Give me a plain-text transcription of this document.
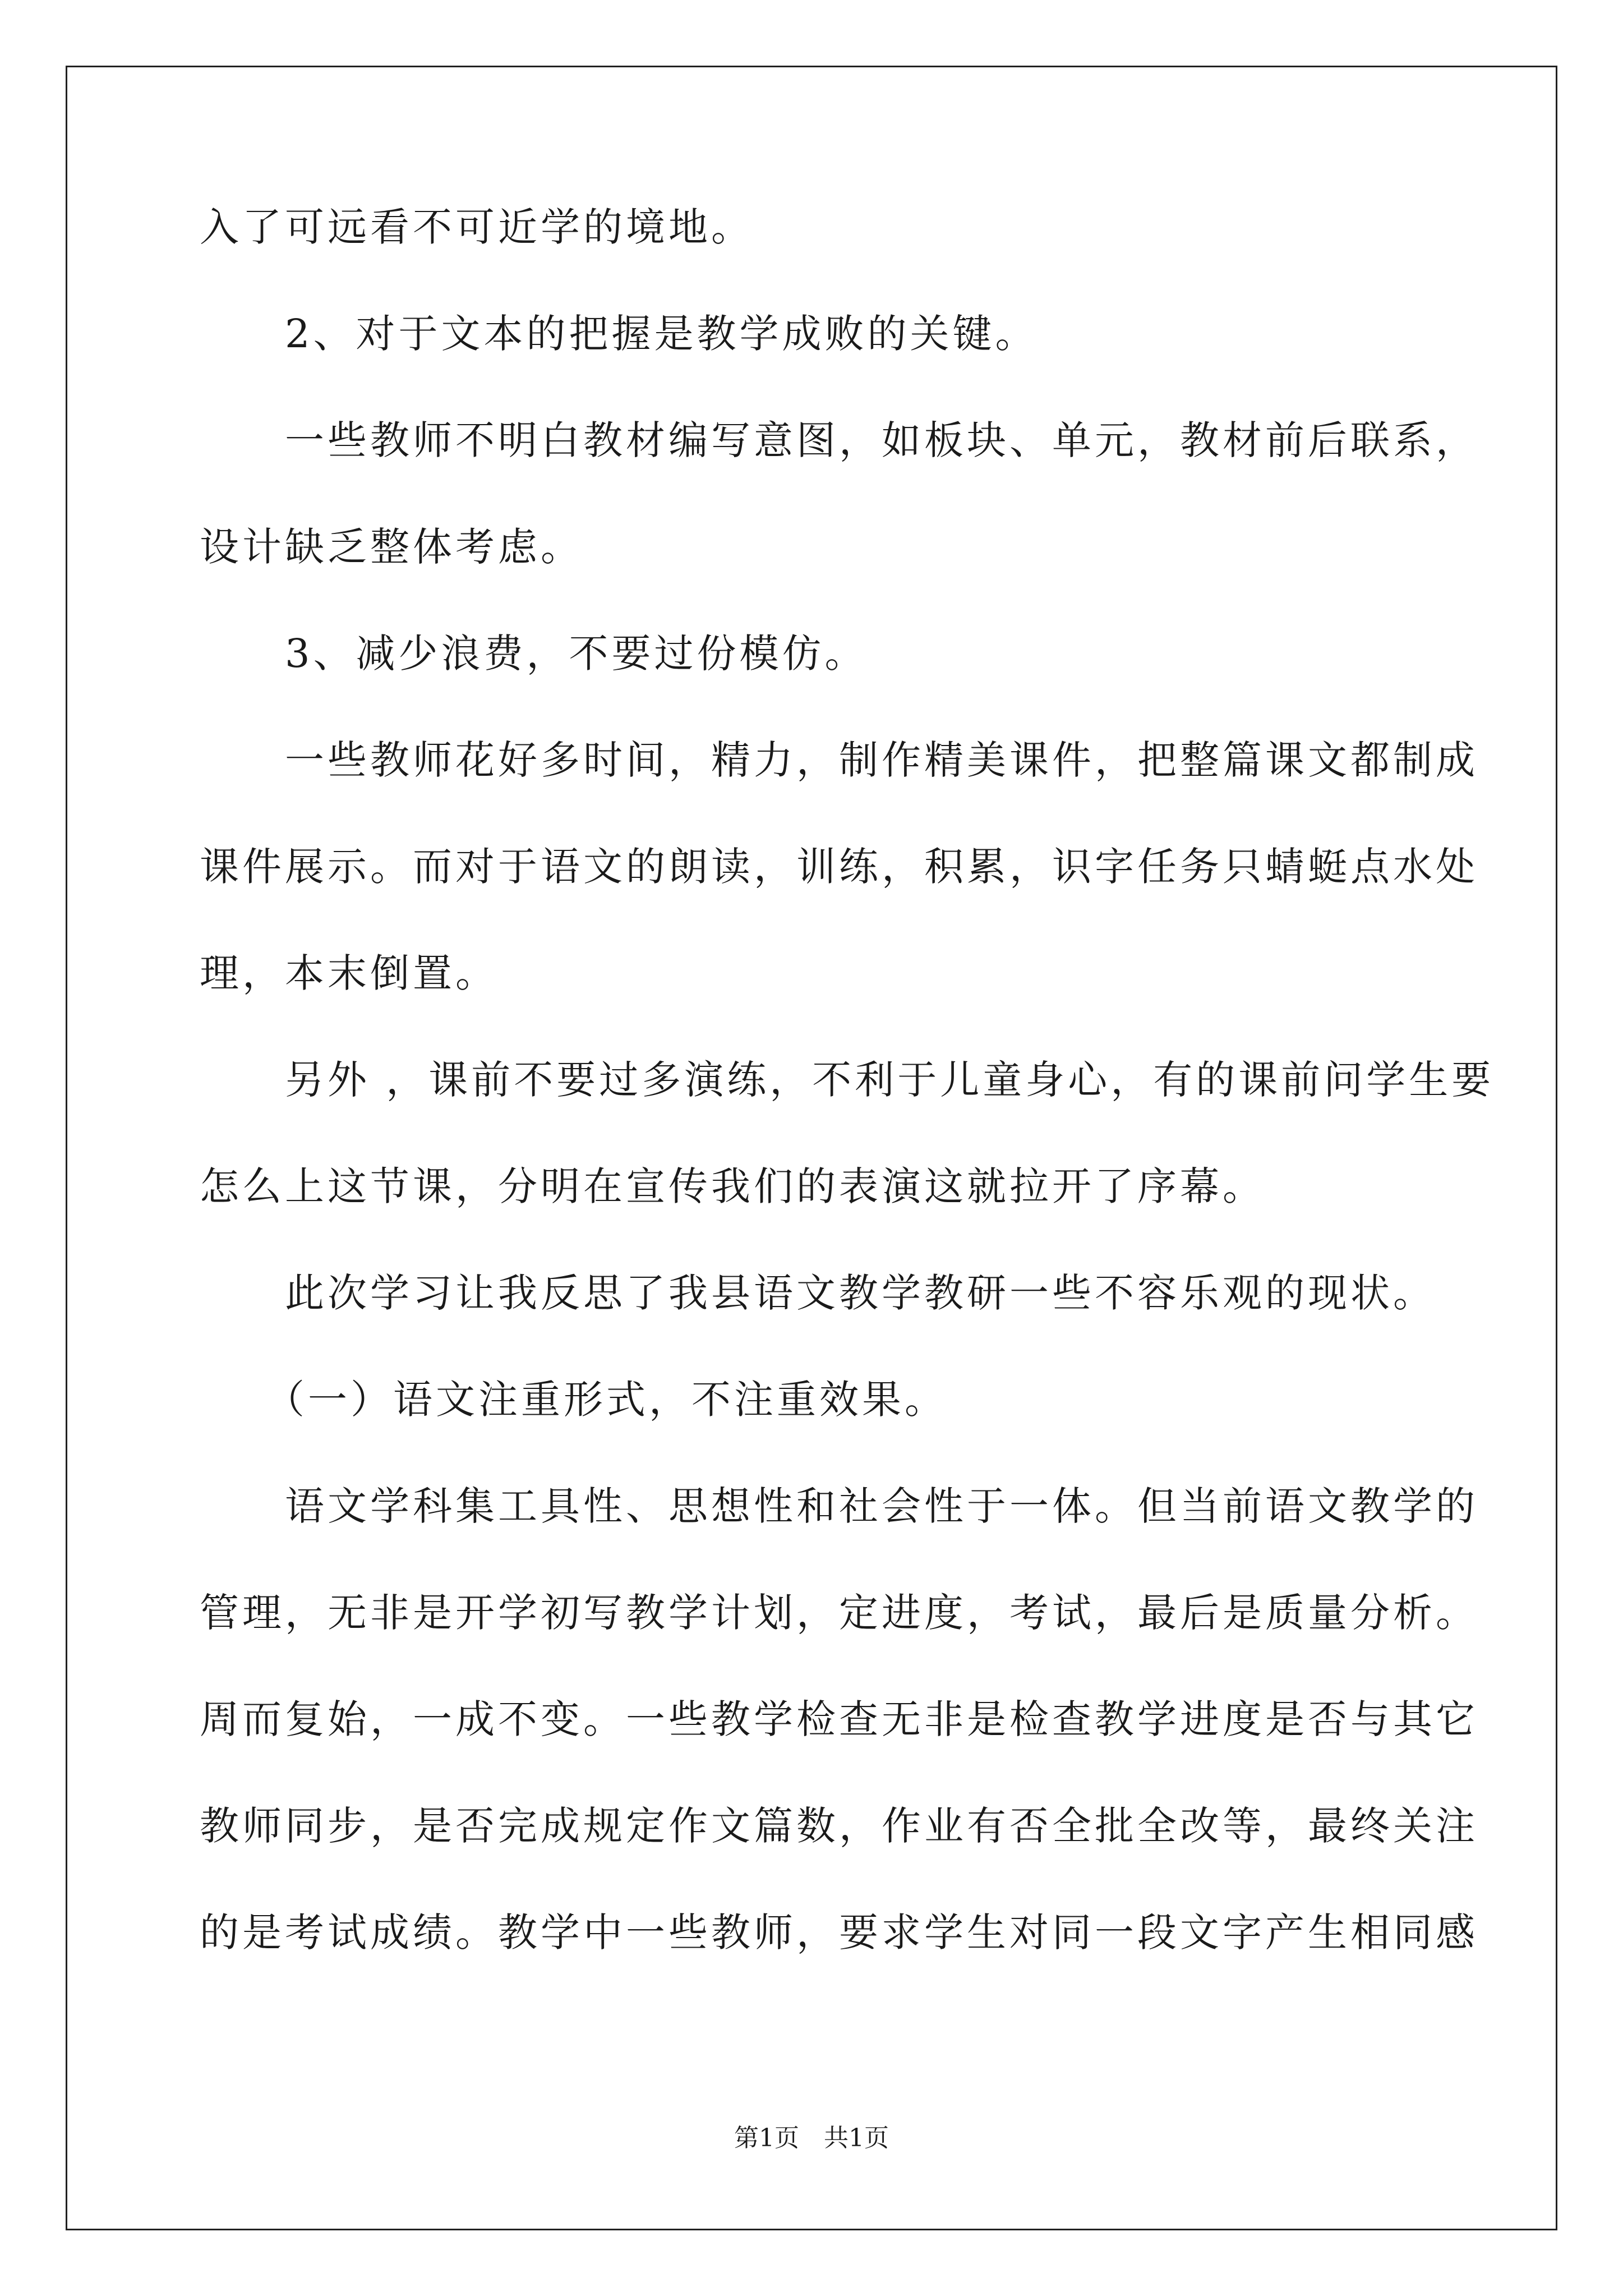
入了可远看不可近学的境地。
　　2、对于文本的把握是教学成败的关键。
　　一些教师不明白教材编写意图，如板块、单元，教材前后联系，
设计缺乏整体考虑。
　　3、减少浪费，不要过份模仿。
　　一些教师花好多时间，精力，制作精美课件，把整篇课文都制成
课件展示。而对于语文的朗读，训练，积累，识字任务只蜻蜓点水处
理，本末倒置。
　　另外 ，课前不要过多演练，不利于儿童身心，有的课前问学生要
怎么上这节课，分明在宣传我们的表演这就拉开了序幕。
　　此次学习让我反思了我县语文教学教研一些不容乐观的现状。
　　（一）语文注重形式，不注重效果。
　　语文学科集工具性、思想性和社会性于一体。但当前语文教学的
管理，无非是开学初写教学计划，定进度，考试，最后是质量分析。
周而复始，一成不变。一些教学检查无非是检查教学进度是否与其它
教师同步，是否完成规定作文篇数，作业有否全批全改等，最终关注
的是考试成绩。教学中一些教师，要求学生对同一段文字产生相同感
第1页　共1页
